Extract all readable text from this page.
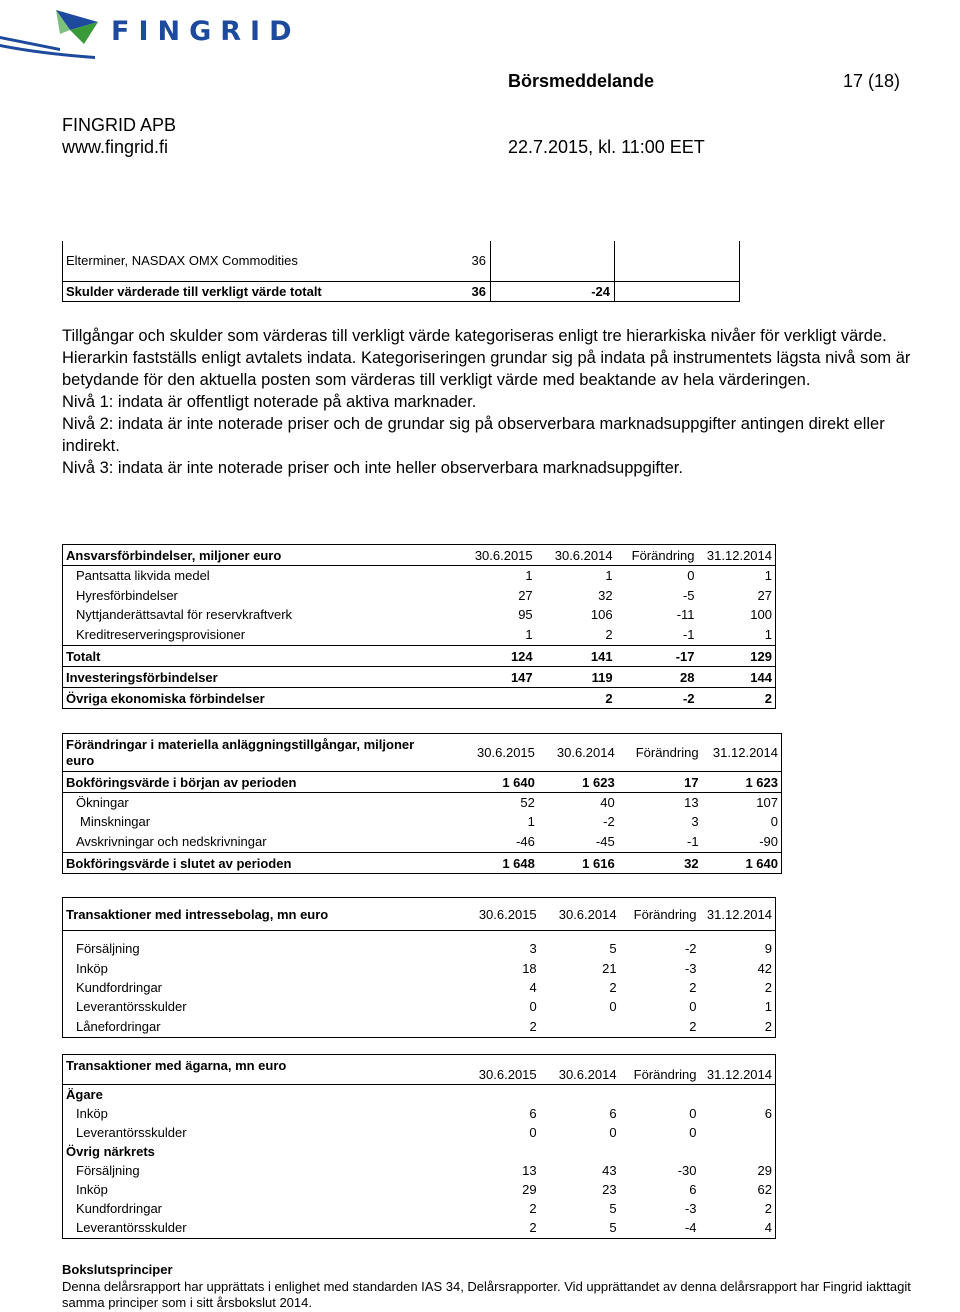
FINGRID
Börsmeddelande	17 (18)
FINGRID APB
www.fingrid.fi	22.7.2015, kl. 11:00 EET
Elterminer, NASDAX OMX Commodities	36
Skulder värderade till verkligt värde totalt	36	-24

Tillgångar och skulder som värderas till verkligt värde kategoriseras enligt tre hierarkiska nivåer för verkligt värde. Hierarkin fastställs enligt avtalets indata. Kategoriseringen grundar sig på indata på instrumentets lägsta nivå som är betydande för den aktuella posten som värderas till verkligt värde med beaktande av hela värderingen.

Nivå 1: indata är offentligt noterade på aktiva marknader.

Nivå 2: indata är inte noterade priser och de grundar sig på observerbara marknadsuppgifter antingen direkt eller indirekt.

Nivå 3: indata är inte noterade priser och inte heller observerbara marknadsuppgifter.

Ansvarsförbindelser, miljoner euro	30.6.2015	30.6.2014	Förändring	31.12.2014
Pantsatta likvida medel	1	1	0	1
Hyresförbindelser	27	32	-5	27
Nyttjanderättsavtal för reservkraftverk	95	106	-11	100
Kreditreserveringsprovisioner	1	2	-1	1
Totalt	124	141	-17	129
Investeringsförbindelser	147	119	28	144
Övriga ekonomiska förbindelser		2	-2	2
Förändringar i materiella anläggningstillgångar, miljoner
euro	30.6.2015	30.6.2014	Förändring	31.12.2014
Bokföringsvärde i början av perioden	1 640	1 623	17	1 623
Ökningar	52	40	13	107
Minskningar	1	-2	3	0
Avskrivningar och nedskrivningar	-46	-45	-1	-90
Bokföringsvärde i slutet av perioden	1 648	1 616	32	1 640
Transaktioner med intressebolag, mn euro	30.6.2015	30.6.2014	Förändring	31.12.2014

Försäljning	3	5	-2	9
Inköp	18	21	-3	42
Kundfordringar	4	2	2	2
Leverantörsskulder	0	0	0	1
Lånefordringar	2		2	2
Transaktioner med ägarna, mn euro	30.6.2015	30.6.2014	Förändring	31.12.2014
Ägare				
Inköp	6	6	0	6
Leverantörsskulder	0	0	0	
Övrig närkrets				
Försäljning	13	43	-30	29
Inköp	29	23	6	62
Kundfordringar	2	5	-3	2
Leverantörsskulder	2	5	-4	4
Bokslutsprinciper
Denna delårsrapport har upprättats i enlighet med standarden IAS 34, Delårsrapporter. Vid upprättandet av denna delårsrapport har Fingrid iakttagit
samma principer som i sitt årsbokslut 2014.
